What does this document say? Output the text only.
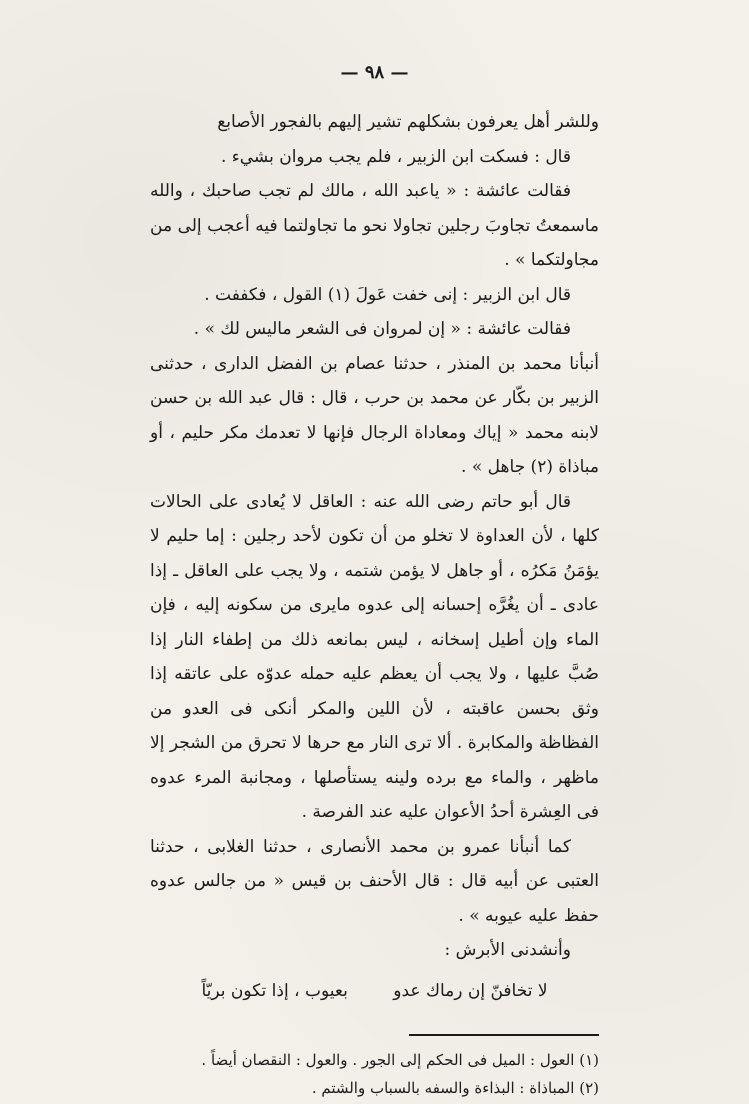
— ٩٨ —

وللشر أهل يعرفون بشكلهم تشير إليهم بالفجور الأصابع

قال : فسكت ابن الزبير ، فلم يجب مروان بشيء .

فقالت عائشة : « ياعبد الله ، مالك لم تجب صاحبك ، والله ماسمعتُ تجاوبَ رجلين تجاولا نحو ما تجاولتما فيه أعجب إلى من مجاولتكما » .

قال ابن الزبير : إنى خفت عَولَ (١) القول ، فكففت .

فقالت عائشة : « إن لمروان فى الشعر ماليس لك » .

أنبأنا محمد بن المنذر ، حدثنا عصام بن الفضل الدارى ، حدثنى الزبير بن بكّار عن محمد بن حرب ، قال : قال عبد الله بن حسن لابنه محمد « إياك ومعاداة الرجال فإنها لا تعدمك مكر حليم ، أو مباذاة (٢) جاهل » .

قال أبو حاتم رضى الله عنه : العاقل لا يُعادى على الحالات كلها ، لأن العداوة لا تخلو من أن تكون لأحد رجلين : إما حليم لا يؤمَنُ مَكرُه ، أو جاهل لا يؤمن شتمه ، ولا يجب على العاقل ـ إذا عادى ـ أن يغُرَّه إحسانه إلى عدوه مايرى من سكونه إليه ، فإن الماء وإن أطيل إسخانه ، ليس بمانعه ذلك من إطفاء النار إذا صُبَّ عليها ، ولا يجب أن يعظم عليه حمله عدوّه على عاتقه إذا وثق بحسن عاقبته ، لأن اللين والمكر أنكى فى العدو من الفظاظة والمكابرة . ألا ترى النار مع حرها لا تحرق من الشجر إلا ماظهر ، والماء مع برده ولينه يستأصلها ، ومجانبة المرء عدوه فى العِشرة أحدُ الأعوان عليه عند الفرصة .

كما أنبأنا عمرو بن محمد الأنصارى ، حدثنا الغلابى ، حدثنا العتبى عن أبيه قال : قال الأحنف بن قيس « من جالس عدوه حفظ عليه عيوبه » .

وأنشدنى الأبرش :

لا تخافنّ إن رماك عدو بعيوب ، إذا تكون بريّاً

(١) العول : الميل فى الحكم إلى الجور . والعول : النقصان أيضاً .

(٢) المباذاة : البذاءة والسفه بالسباب والشتم .
